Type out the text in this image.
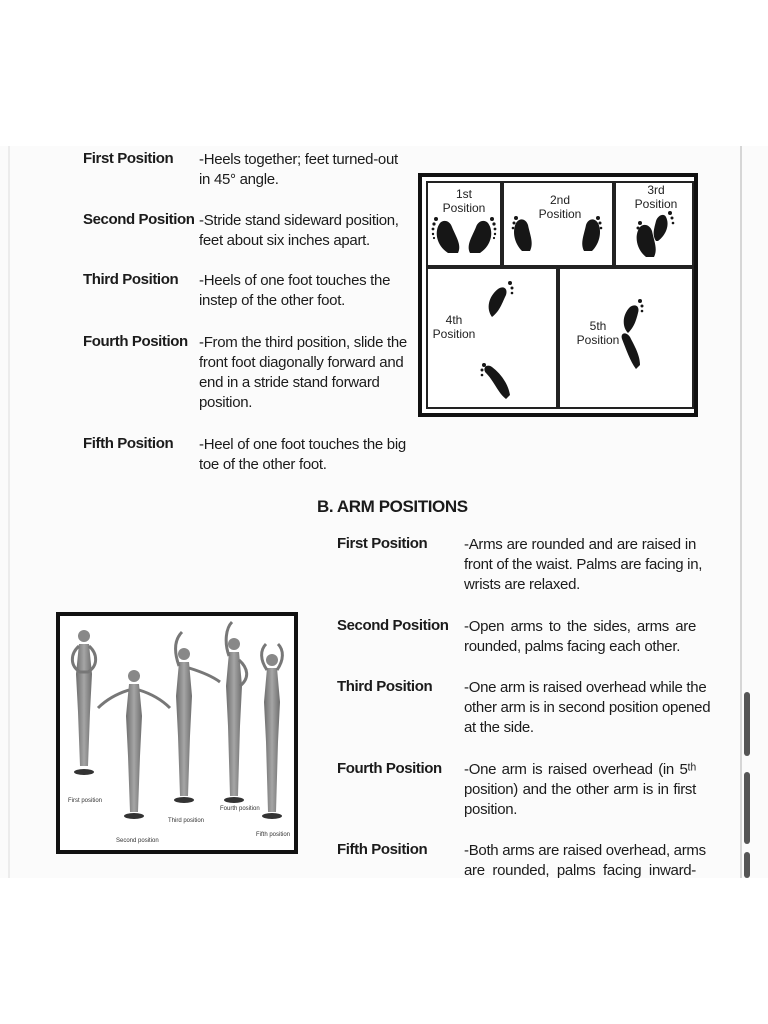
First Position -Heels together; feet turned-out
in 45° angle.
Second Position -Stride stand sideward position,
feet about six inches apart.
Third Position -Heels of one foot touches the
instep of the other foot.
Fourth Position -From the third position, slide the
front foot diagonally forward and
end in a stride stand forward
position.
Fifth Position -Heel of one foot touches the big
toe of the other foot.
1st
Position
2nd
Position
3rd
Position
4th
Position
5th
Position
B. ARM POSITIONS
First Position -Arms are rounded and are raised in
front of the waist. Palms are facing in,
wrists are relaxed.
Second Position -Open arms to the sides, arms are
rounded, palms facing each other.
Third Position -One arm is raised overhead while the
other arm is in second position opened
at the side.
Fourth Position -One arm is raised overhead (in 5ᵗʰ
position) and the other arm is in first
position.
Fifth Position -Both arms are raised overhead, arms
are rounded, palms facing inward-
First position
Second position
Third position
Fourth position
Fifth position
